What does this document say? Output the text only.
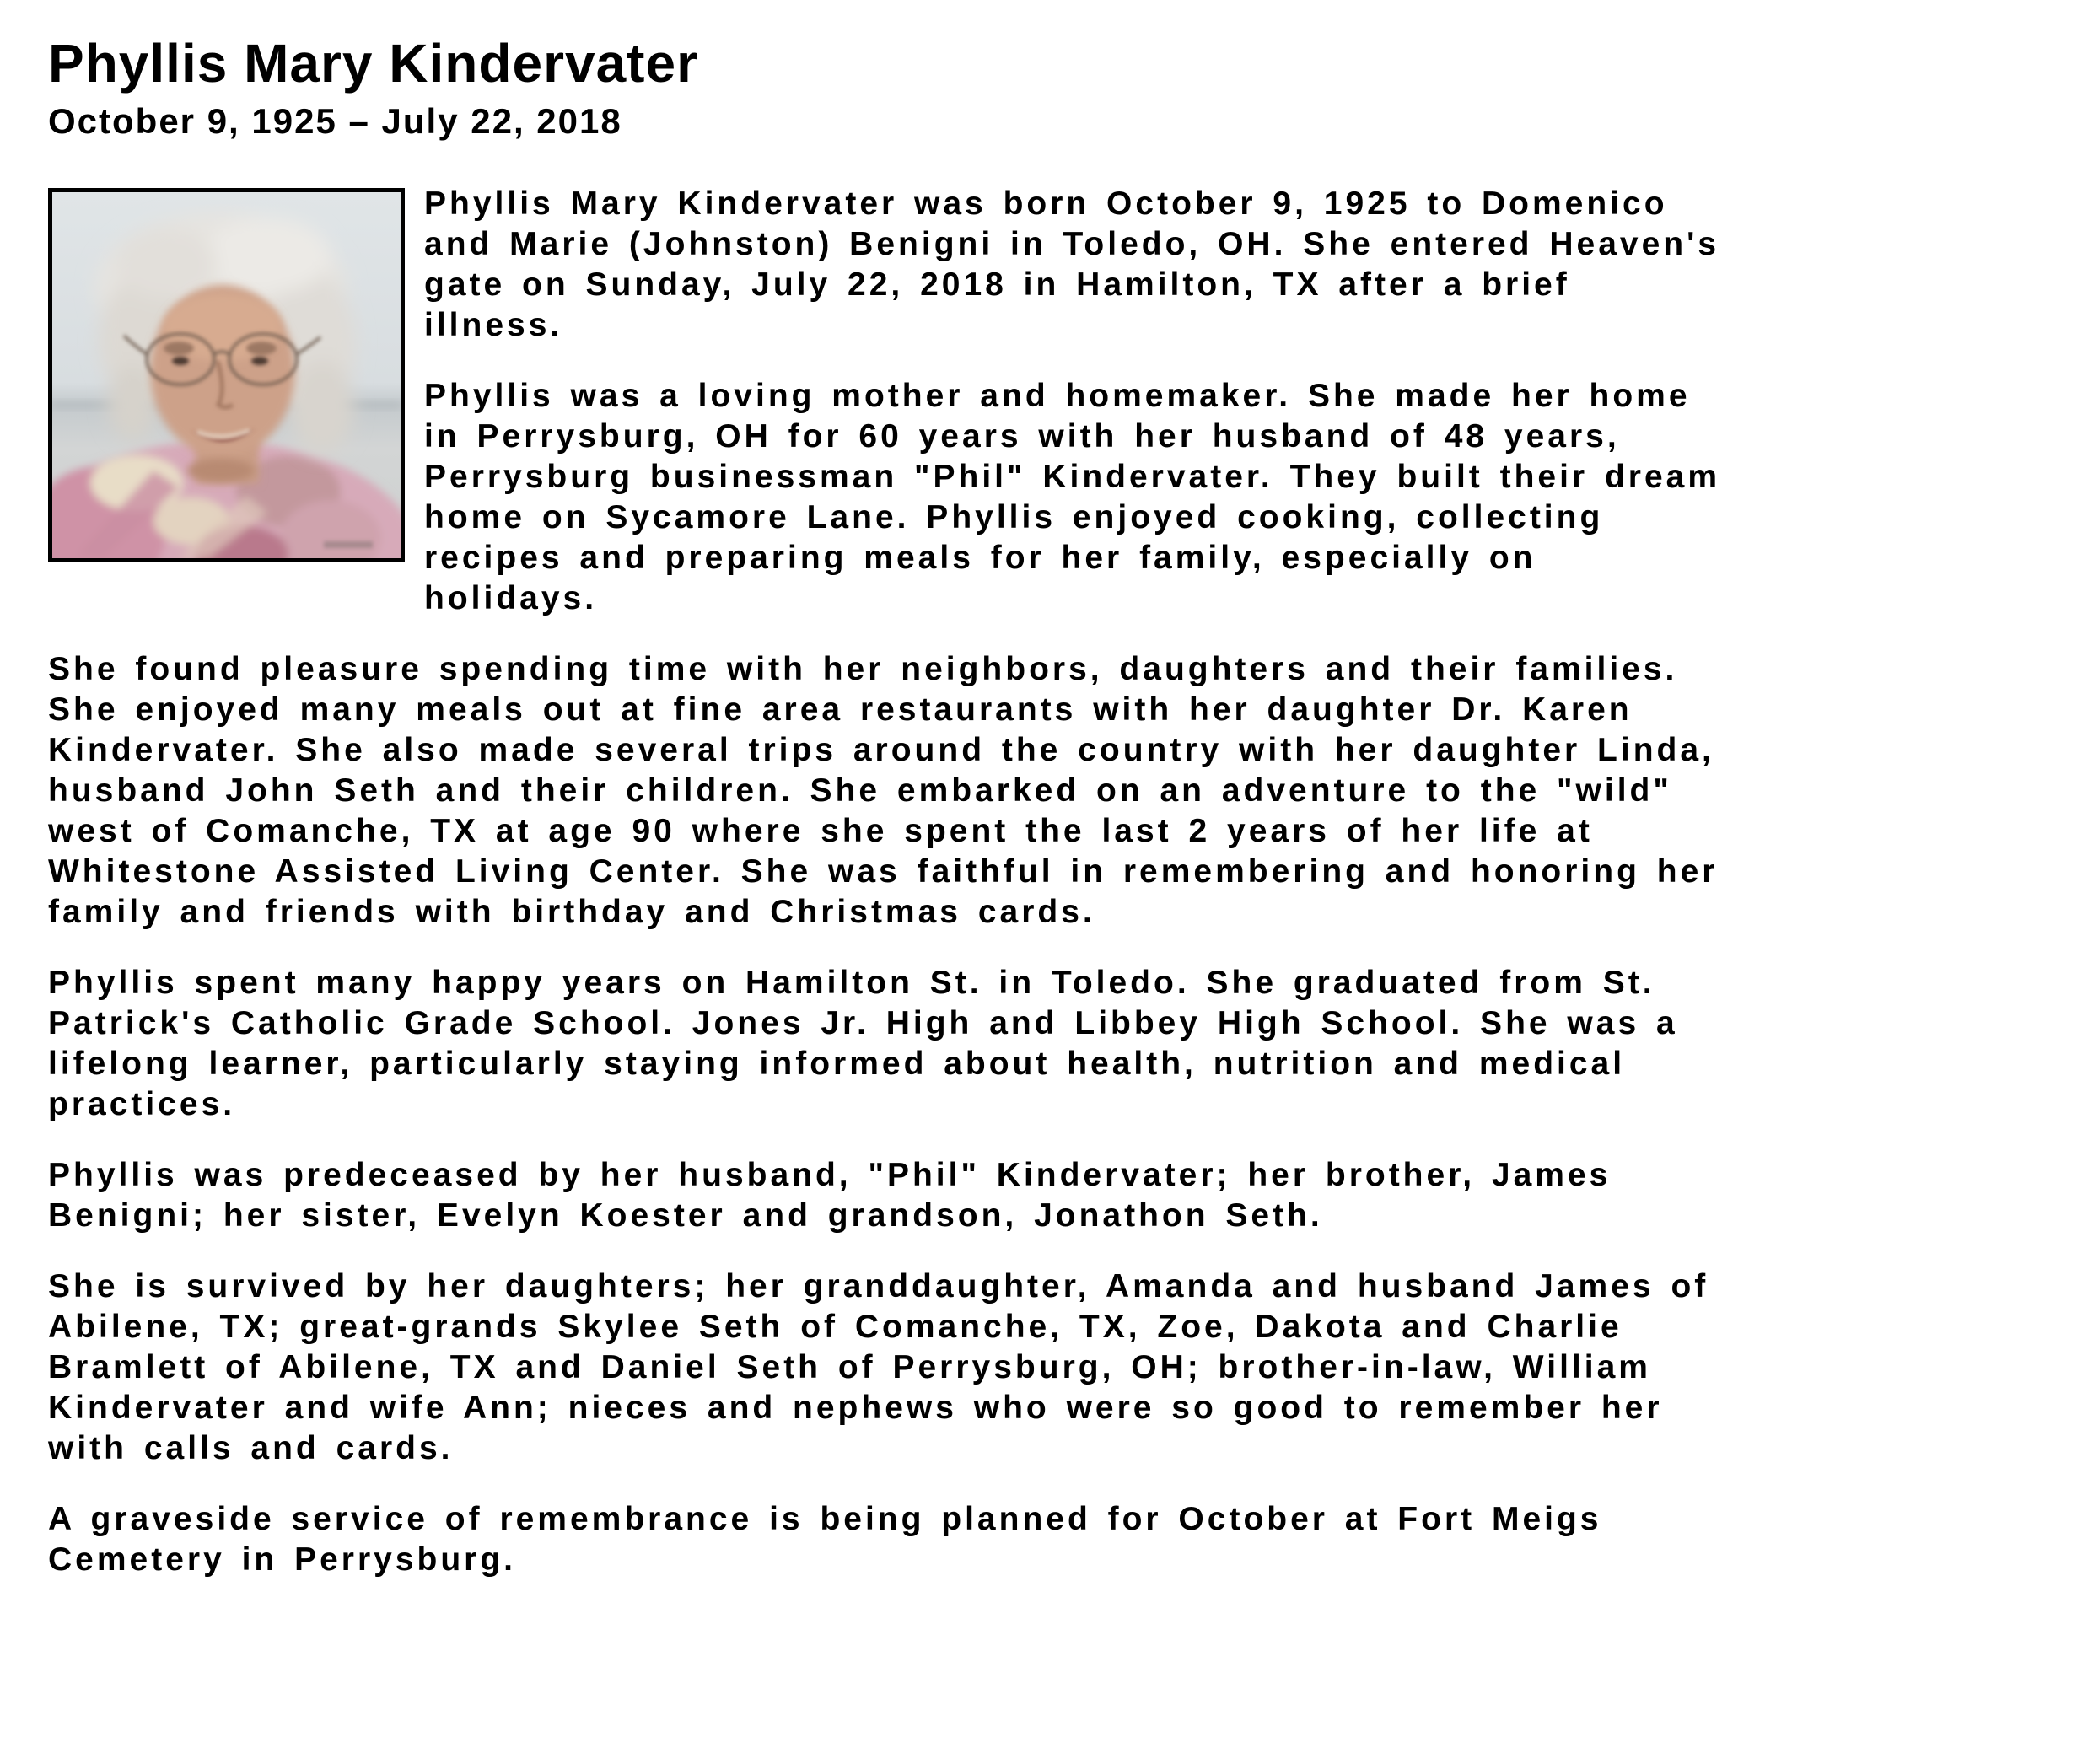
Phyllis Mary Kindervater
October 9, 1925 – July 22, 2018

Phyllis Mary Kindervater was born October 9, 1925 to Domenico and Marie (Johnston) Benigni in Toledo, OH. She entered Heaven's gate on Sunday, July 22, 2018 in Hamilton, TX after a brief illness.

Phyllis was a loving mother and homemaker. She made her home in Perrysburg, OH for 60 years with her husband of 48 years, Perrysburg businessman "Phil" Kindervater. They built their dream home on Sycamore Lane. Phyllis enjoyed cooking, collecting recipes and preparing meals for her family, especially on holidays.

She found pleasure spending time with her neighbors, daughters and their families. She enjoyed many meals out at fine area restaurants with her daughter Dr. Karen Kindervater. She also made several trips around the country with her daughter Linda, husband John Seth and their children. She embarked on an adventure to the "wild" west of Comanche, TX at age 90 where she spent the last 2 years of her life at Whitestone Assisted Living Center. She was faithful in remembering and honoring her family and friends with birthday and Christmas cards.

Phyllis spent many happy years on Hamilton St. in Toledo. She graduated from St. Patrick's Catholic Grade School. Jones Jr. High and Libbey High School. She was a lifelong learner, particularly staying informed about health, nutrition and medical practices.

Phyllis was predeceased by her husband, "Phil" Kindervater; her brother, James Benigni; her sister, Evelyn Koester and grandson, Jonathon Seth.

She is survived by her daughters; her granddaughter, Amanda and husband James of Abilene, TX; great-grands Skylee Seth of Comanche, TX, Zoe, Dakota and Charlie Bramlett of Abilene, TX and Daniel Seth of Perrysburg, OH; brother-in-law, William Kindervater and wife Ann; nieces and nephews who were so good to remember her with calls and cards.

A graveside service of remembrance is being planned for October at Fort Meigs Cemetery in Perrysburg.
